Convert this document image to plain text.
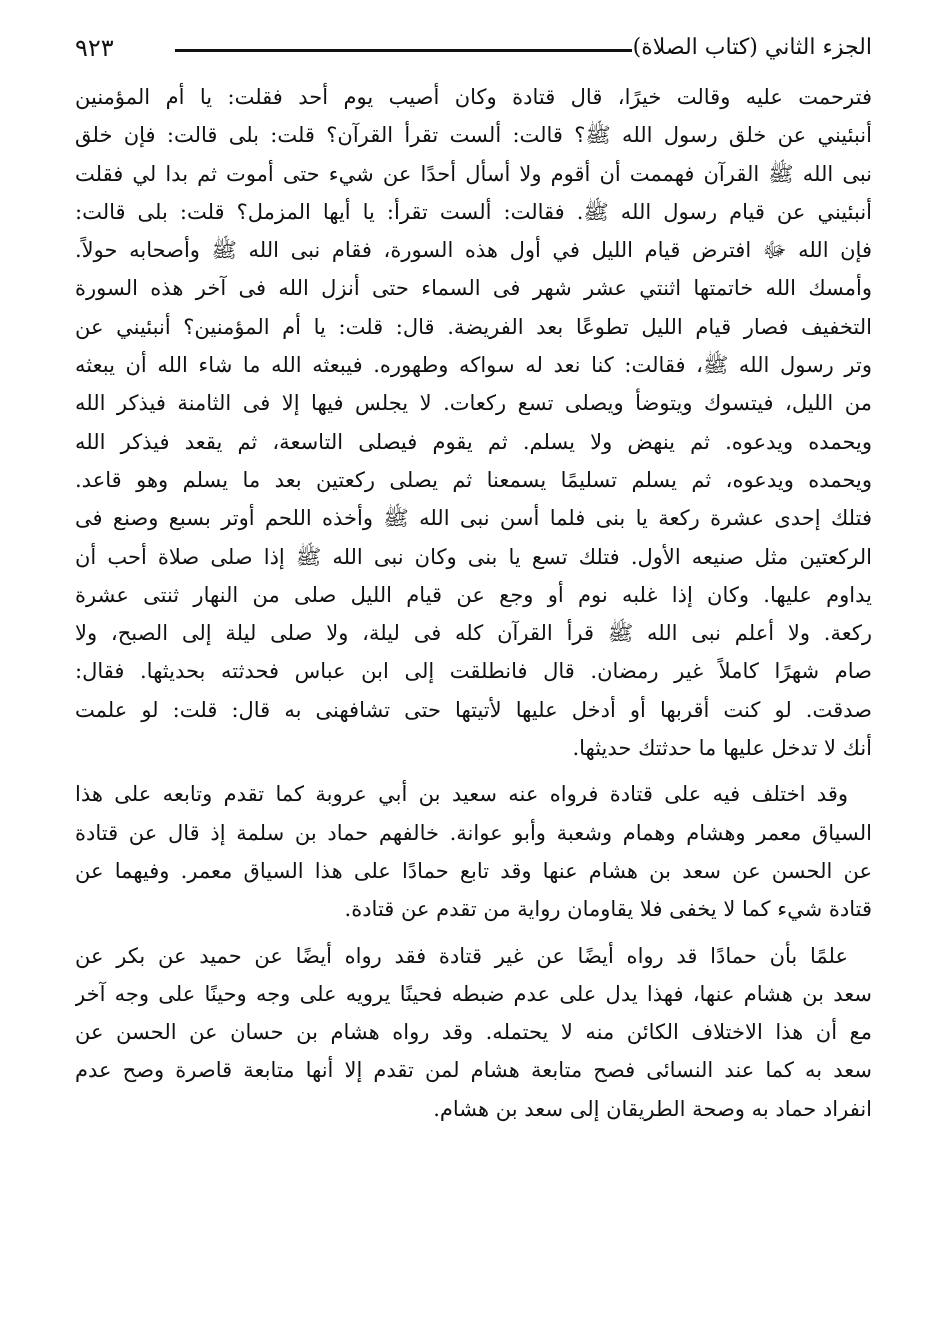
الجزء الثاني (كتاب الصلاة)
٩٢٣
فترحمت عليه وقالت خيرًا، قال قتادة وكان أصيب يوم أحد فقلت: يا أم المؤمنين
أنبئيني عن خلق رسول الله ﷺ؟ قالت: ألست تقرأ القرآن؟ قلت: بلى قالت: فإن خلق
نبى الله ﷺ القرآن فهممت أن أقوم ولا أسأل أحدًا عن شيء حتى أموت ثم بدا لي فقلت
أنبئيني عن قيام رسول الله ﷺ. فقالت: ألست تقرأ: يا أيها المزمل؟ قلت: بلى قالت:
فإن الله ﷻ افترض قيام الليل في أول هذه السورة، فقام نبى الله ﷺ وأصحابه حولاً.
وأمسك الله خاتمتها اثنتي عشر شهر فى السماء حتى أنزل الله فى آخر هذه السورة
التخفيف فصار قيام الليل تطوعًا بعد الفريضة. قال: قلت: يا أم المؤمنين؟ أنبئيني عن
وتر رسول الله ﷺ، فقالت: كنا نعد له سواكه وطهوره. فيبعثه الله ما شاء الله أن يبعثه
من الليل، فيتسوك ويتوضأ ويصلى تسع ركعات. لا يجلس فيها إلا فى الثامنة فيذكر الله
ويحمده ويدعوه. ثم ينهض ولا يسلم. ثم يقوم فيصلى التاسعة، ثم يقعد فيذكر الله
ويحمده ويدعوه، ثم يسلم تسليمًا يسمعنا ثم يصلى ركعتين بعد ما يسلم وهو قاعد.
فتلك إحدى عشرة ركعة يا بنى فلما أسن نبى الله ﷺ وأخذه اللحم أوتر بسبع وصنع فى
الركعتين مثل صنيعه الأول. فتلك تسع يا بنى وكان نبى الله ﷺ إذا صلى صلاة أحب أن
يداوم عليها. وكان إذا غلبه نوم أو وجع عن قيام الليل صلى من النهار ثنتى عشرة
ركعة. ولا أعلم نبى الله ﷺ قرأ القرآن كله فى ليلة، ولا صلى ليلة إلى الصبح، ولا
صام شهرًا كاملاً غير رمضان. قال فانطلقت إلى ابن عباس فحدثته بحديثها. فقال:
صدقت. لو كنت أقربها أو أدخل عليها لأتيتها حتى تشافهنى به قال: قلت: لو علمت
أنك لا تدخل عليها ما حدثتك حديثها.
وقد اختلف فيه على قتادة فرواه عنه سعيد بن أبي عروبة كما تقدم وتابعه على هذا
السياق معمر وهشام وهمام وشعبة وأبو عوانة. خالفهم حماد بن سلمة إذ قال عن قتادة
عن الحسن عن سعد بن هشام عنها وقد تابع حمادًا على هذا السياق معمر. وفيهما عن
قتادة شيء كما لا يخفى فلا يقاومان رواية من تقدم عن قتادة.
علمًا بأن حمادًا قد رواه أيضًا عن غير قتادة فقد رواه أيضًا عن حميد عن بكر عن
سعد بن هشام عنها، فهذا يدل على عدم ضبطه فحينًا يرويه على وجه وحينًا على وجه آخر
مع أن هذا الاختلاف الكائن منه لا يحتمله. وقد رواه هشام بن حسان عن الحسن عن
سعد به كما عند النسائى فصح متابعة هشام لمن تقدم إلا أنها متابعة قاصرة وصح عدم
انفراد حماد به وصحة الطريقان إلى سعد بن هشام.
